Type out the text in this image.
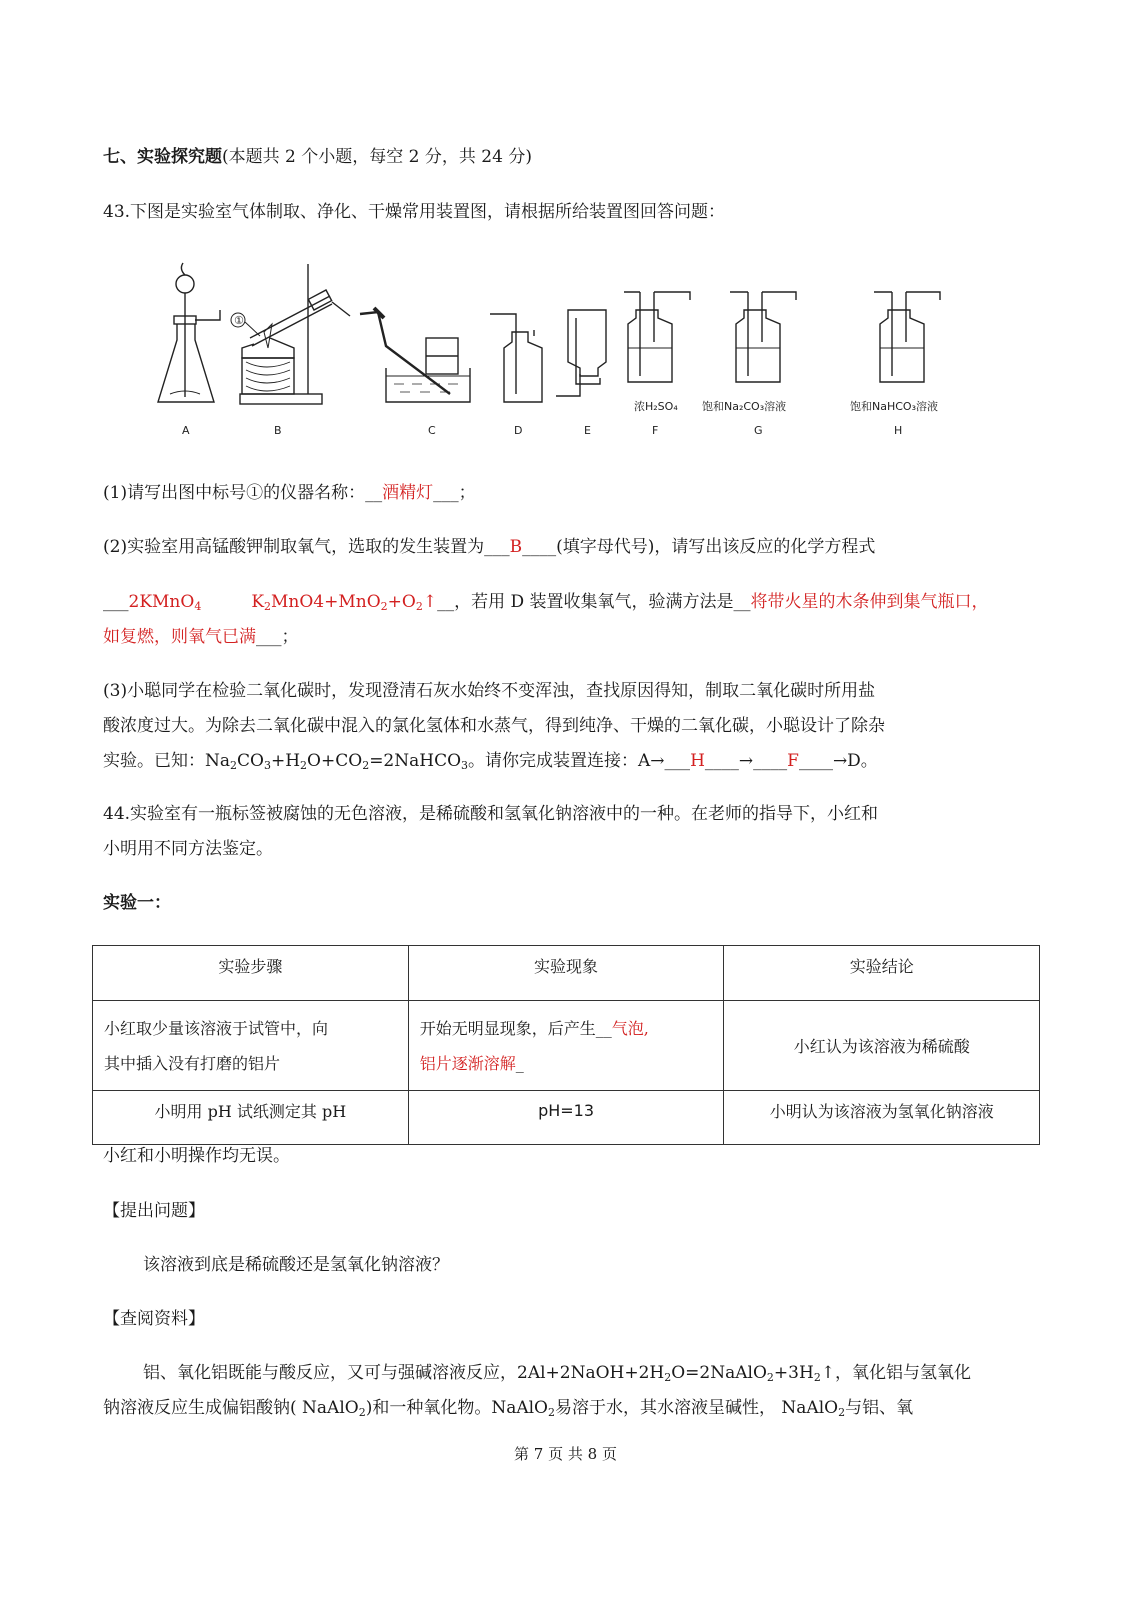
七、实验探究题(本题共 2 个小题，每空 2 分，共 24 分)
43.下图是实验室气体制取、净化、干燥常用装置图，请根据所给装置图回答问题：
①
浓H₂SO₄ 饱和Na₂CO₃溶液	饱和NaHCO₃溶液
A	B	C	D	E	F	G	H
(1)请写出图中标号①的仪器名称：__酒精灯___；
(2)实验室用高锰酸钾制取氧气，选取的发生装置为___B____(填字母代号)，请写出该反应的化学方程式
___2KMnO$_4$	$K_2MnO4+MnO_2+O_2↑\_\_$，若用 D 装置收集氧气，验满方法是__将带火星的木条伸到集气瓶口，
如复燃，则氧气已满___；
(3)小聪同学在检验二氧化碳时，发现澄清石灰水始终不变浑浊，查找原因得知，制取二氧化碳时所用盐
酸浓度过大。为除去二氧化碳中混入的氯化氢体和水蒸气，得到纯净、干燥的二氧化碳，小聪设计了除杂
实验。已知：$Na_2CO_3+H_2O+CO_2=2NaHCO_3$。请你完成装置连接：A→___H____→____F____→D。
44.实验室有一瓶标签被腐蚀的无色溶液，是稀硫酸和氢氧化钠溶液中的一种。在老师的指导下，小红和
小明用不同方法鉴定。
实验一：
实验步骤	实验现象	实验结论

小红取少量该溶液于试管中，向
其中插入没有打磨的铝片	开始无明显现象，后产生__气泡,
铝片逐渐溶解_	小红认为该溶液为稀硫酸

小明用 pH 试纸测定其 pH	pH=13	小明认为该溶液为氢氧化钠溶液
小红和小明操作均无误。
【提出问题】
该溶液到底是稀硫酸还是氢氧化钠溶液？
【查阅资料】
铝、氧化铝既能与酸反应，又可与强碱溶液反应，$2Al+2NaOH+2H_2O=2NaAlO_2+3H_2↑$，氧化铝与氢氧化
钠溶液反应生成偏铝酸钠( NaAlO$_2$)和一种氧化物。NaAlO$_2$易溶于水，其水溶液呈碱性， NaAlO$_2$与铝、氧
第 7 页 共 8 页
